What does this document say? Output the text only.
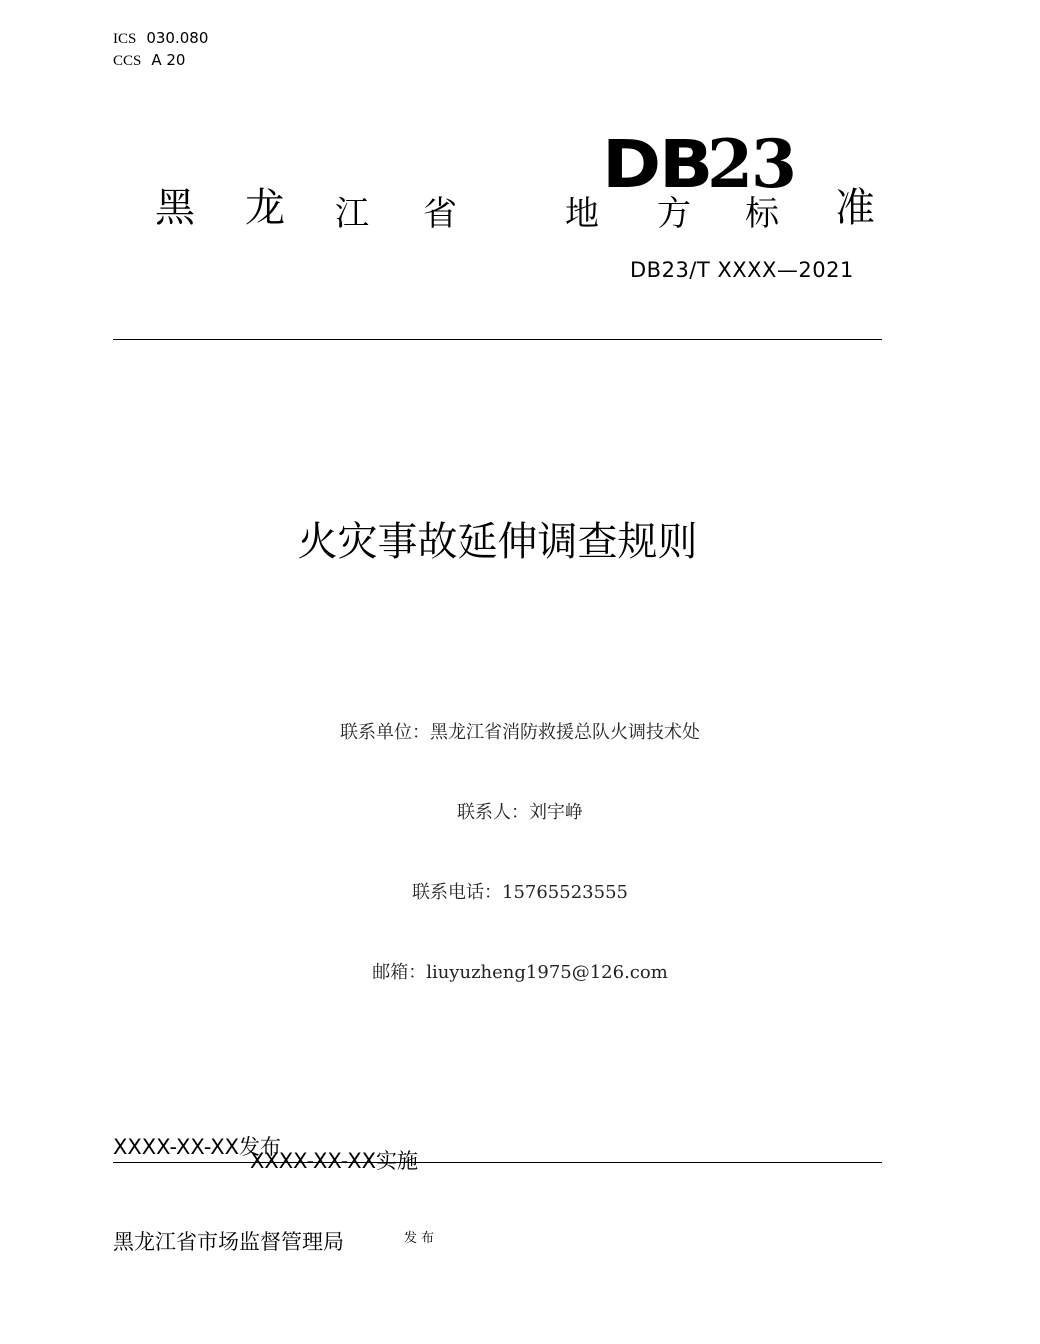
ICS 030.080
CCS A 20
DB23
黑 龙 江 省	地 方 标 准
DB23/T XXXX—2021
火灾事故延伸调查规则
联系单位：黑龙江省消防救援总队火调技术处
联系人：刘宇峥
联系电话：15765523555
邮箱：liuyuzheng1975@126.com
XXXX-XX-XX发布
XXXX-XX-XX实施
黑龙江省市场监督管理局	发布
